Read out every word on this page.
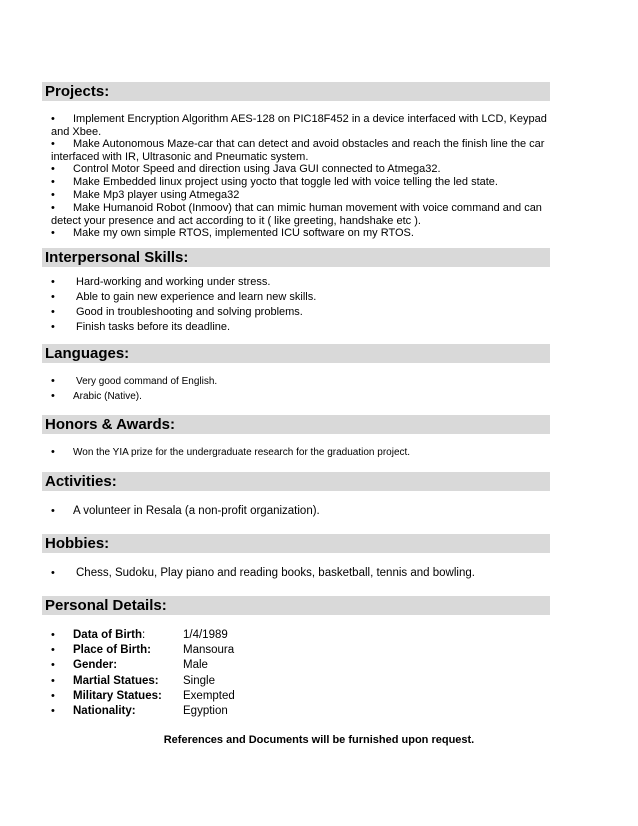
Projects:
•	Implement Encryption Algorithm AES-128 on PIC18F452 in a device interfaced with LCD, Keypad
and Xbee.
•	Make Autonomous Maze-car that can detect and avoid obstacles and reach the finish line the car
interfaced with IR, Ultrasonic and Pneumatic system.
• Control Motor Speed and direction using Java GUI connected to Atmega32.
• Make Embedded linux project using yocto that toggle led with voice telling the led state.
• Make Mp3 player using Atmega32
•	Make Humanoid Robot (Inmoov) that can mimic human movement with voice command and can
detect your presence and act according to it ( like greeting, handshake etc ).
• Make my own simple RTOS, implemented ICU software on my RTOS.
Interpersonal Skills:
• Hard-working and working under stress.
• Able to gain new experience and learn new skills.
• Good in troubleshooting and solving problems.
• Finish tasks before its deadline.
Languages:
• Very good command of English.
• Arabic (Native).
Honors & Awards:
• Won the YIA prize for the undergraduate research for the graduation project.
Activities:
• A volunteer in Resala (a non-profit organization).
Hobbies:
• Chess, Sudoku, Play piano and reading books, basketball, tennis and bowling.
Personal Details:
• Data of Birth:	1/4/1989
• Place of Birth:	Mansoura
• Gender:	Male
• Martial Statues: Single
• Military Statues: Exempted
• Nationality:	Egyption
References and Documents will be furnished upon request.
